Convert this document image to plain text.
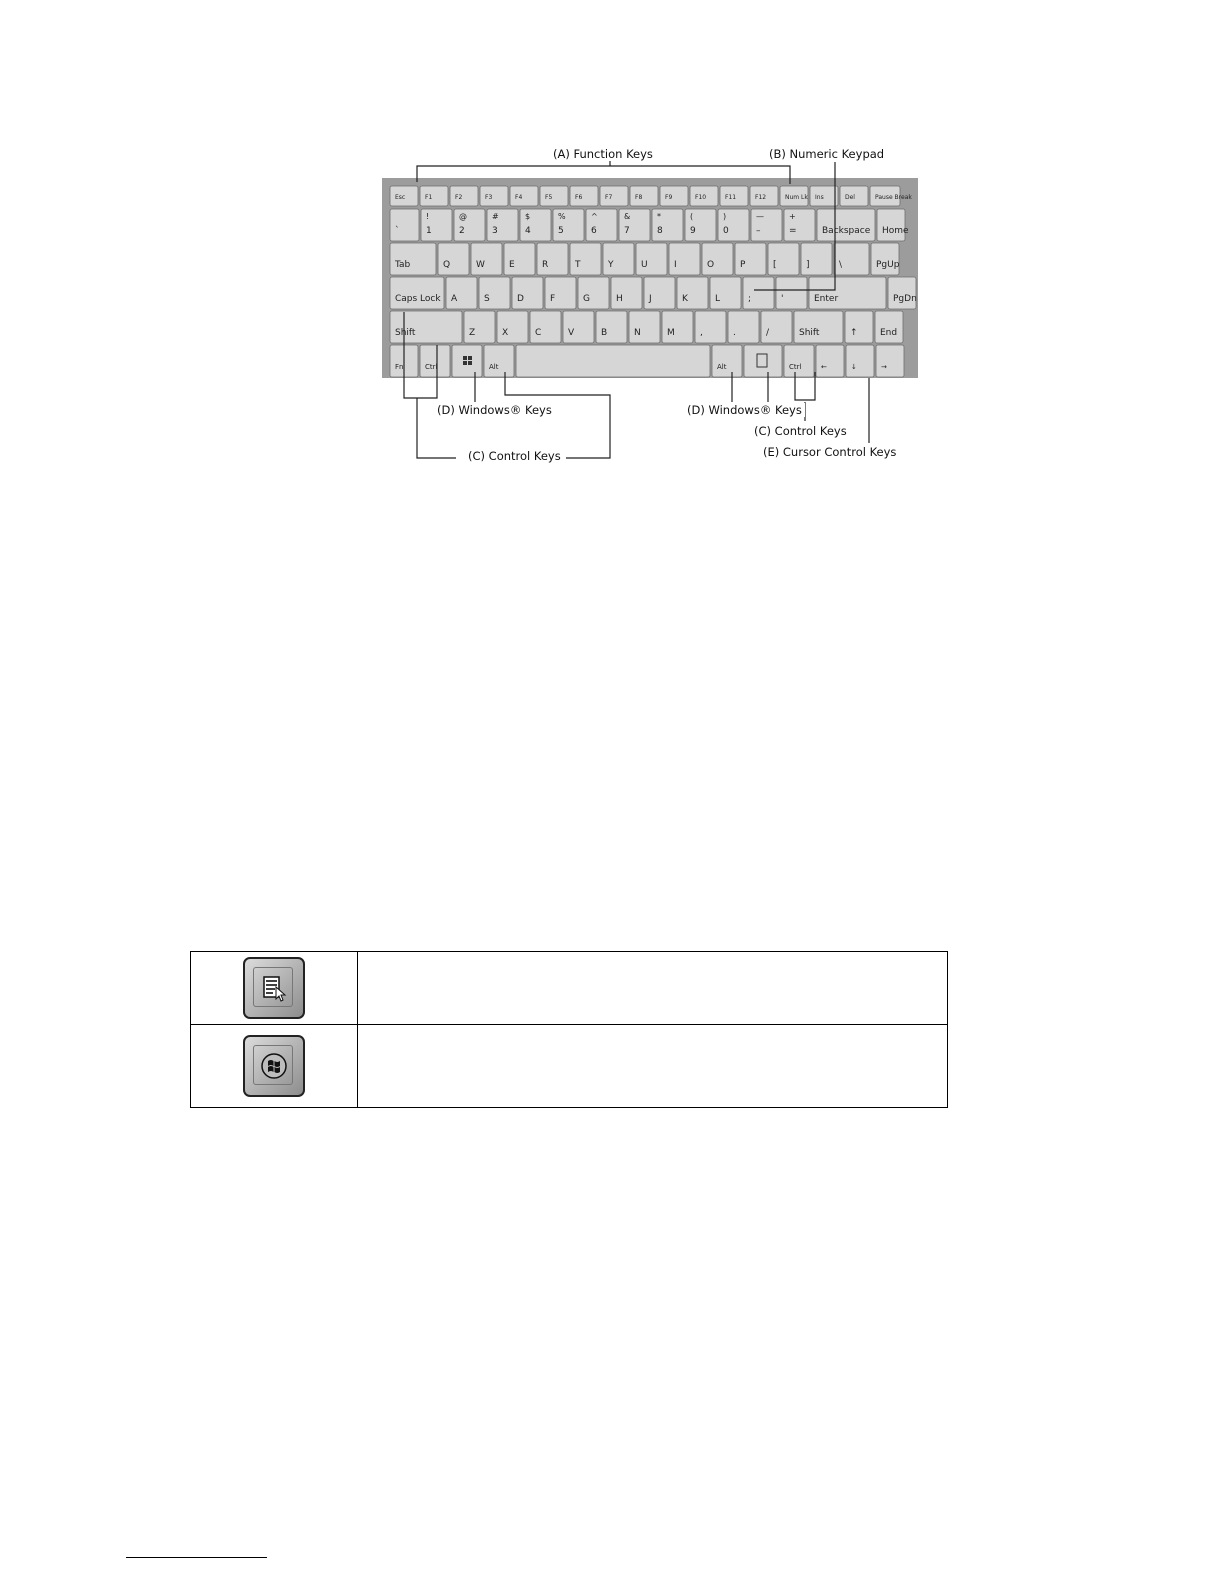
Esc	F1	F2	F3	F4	F5	F6	F7	F8	F9	F10	F11	F12	Num Lk Ins	Del	Pause Break
`	1
!
2
@
3
#
4
$
5
%
6
^
7
&
8
*
9
(
0
)
–
—
=
+
Backspace Home
Tab	Q	W	E	R	T	Y	U	I	O	P	[	]	\	PgUp
Caps Lock A	S	D	F	G	H	J	K	L	;	'	Enter	PgDn
Shift	Z	X	C	V	B	N	M	,	.	/	Shift	↑ End
Fn	Ctrl	Alt	Alt	Ctrl	←	↓	→
(A) Function Keys	(B) Numeric Keypad
(D) Windows® Keys	(D) Windows® Keys
(C) Control Keys
(C) Control Keys	(E) Cursor Control Keys
